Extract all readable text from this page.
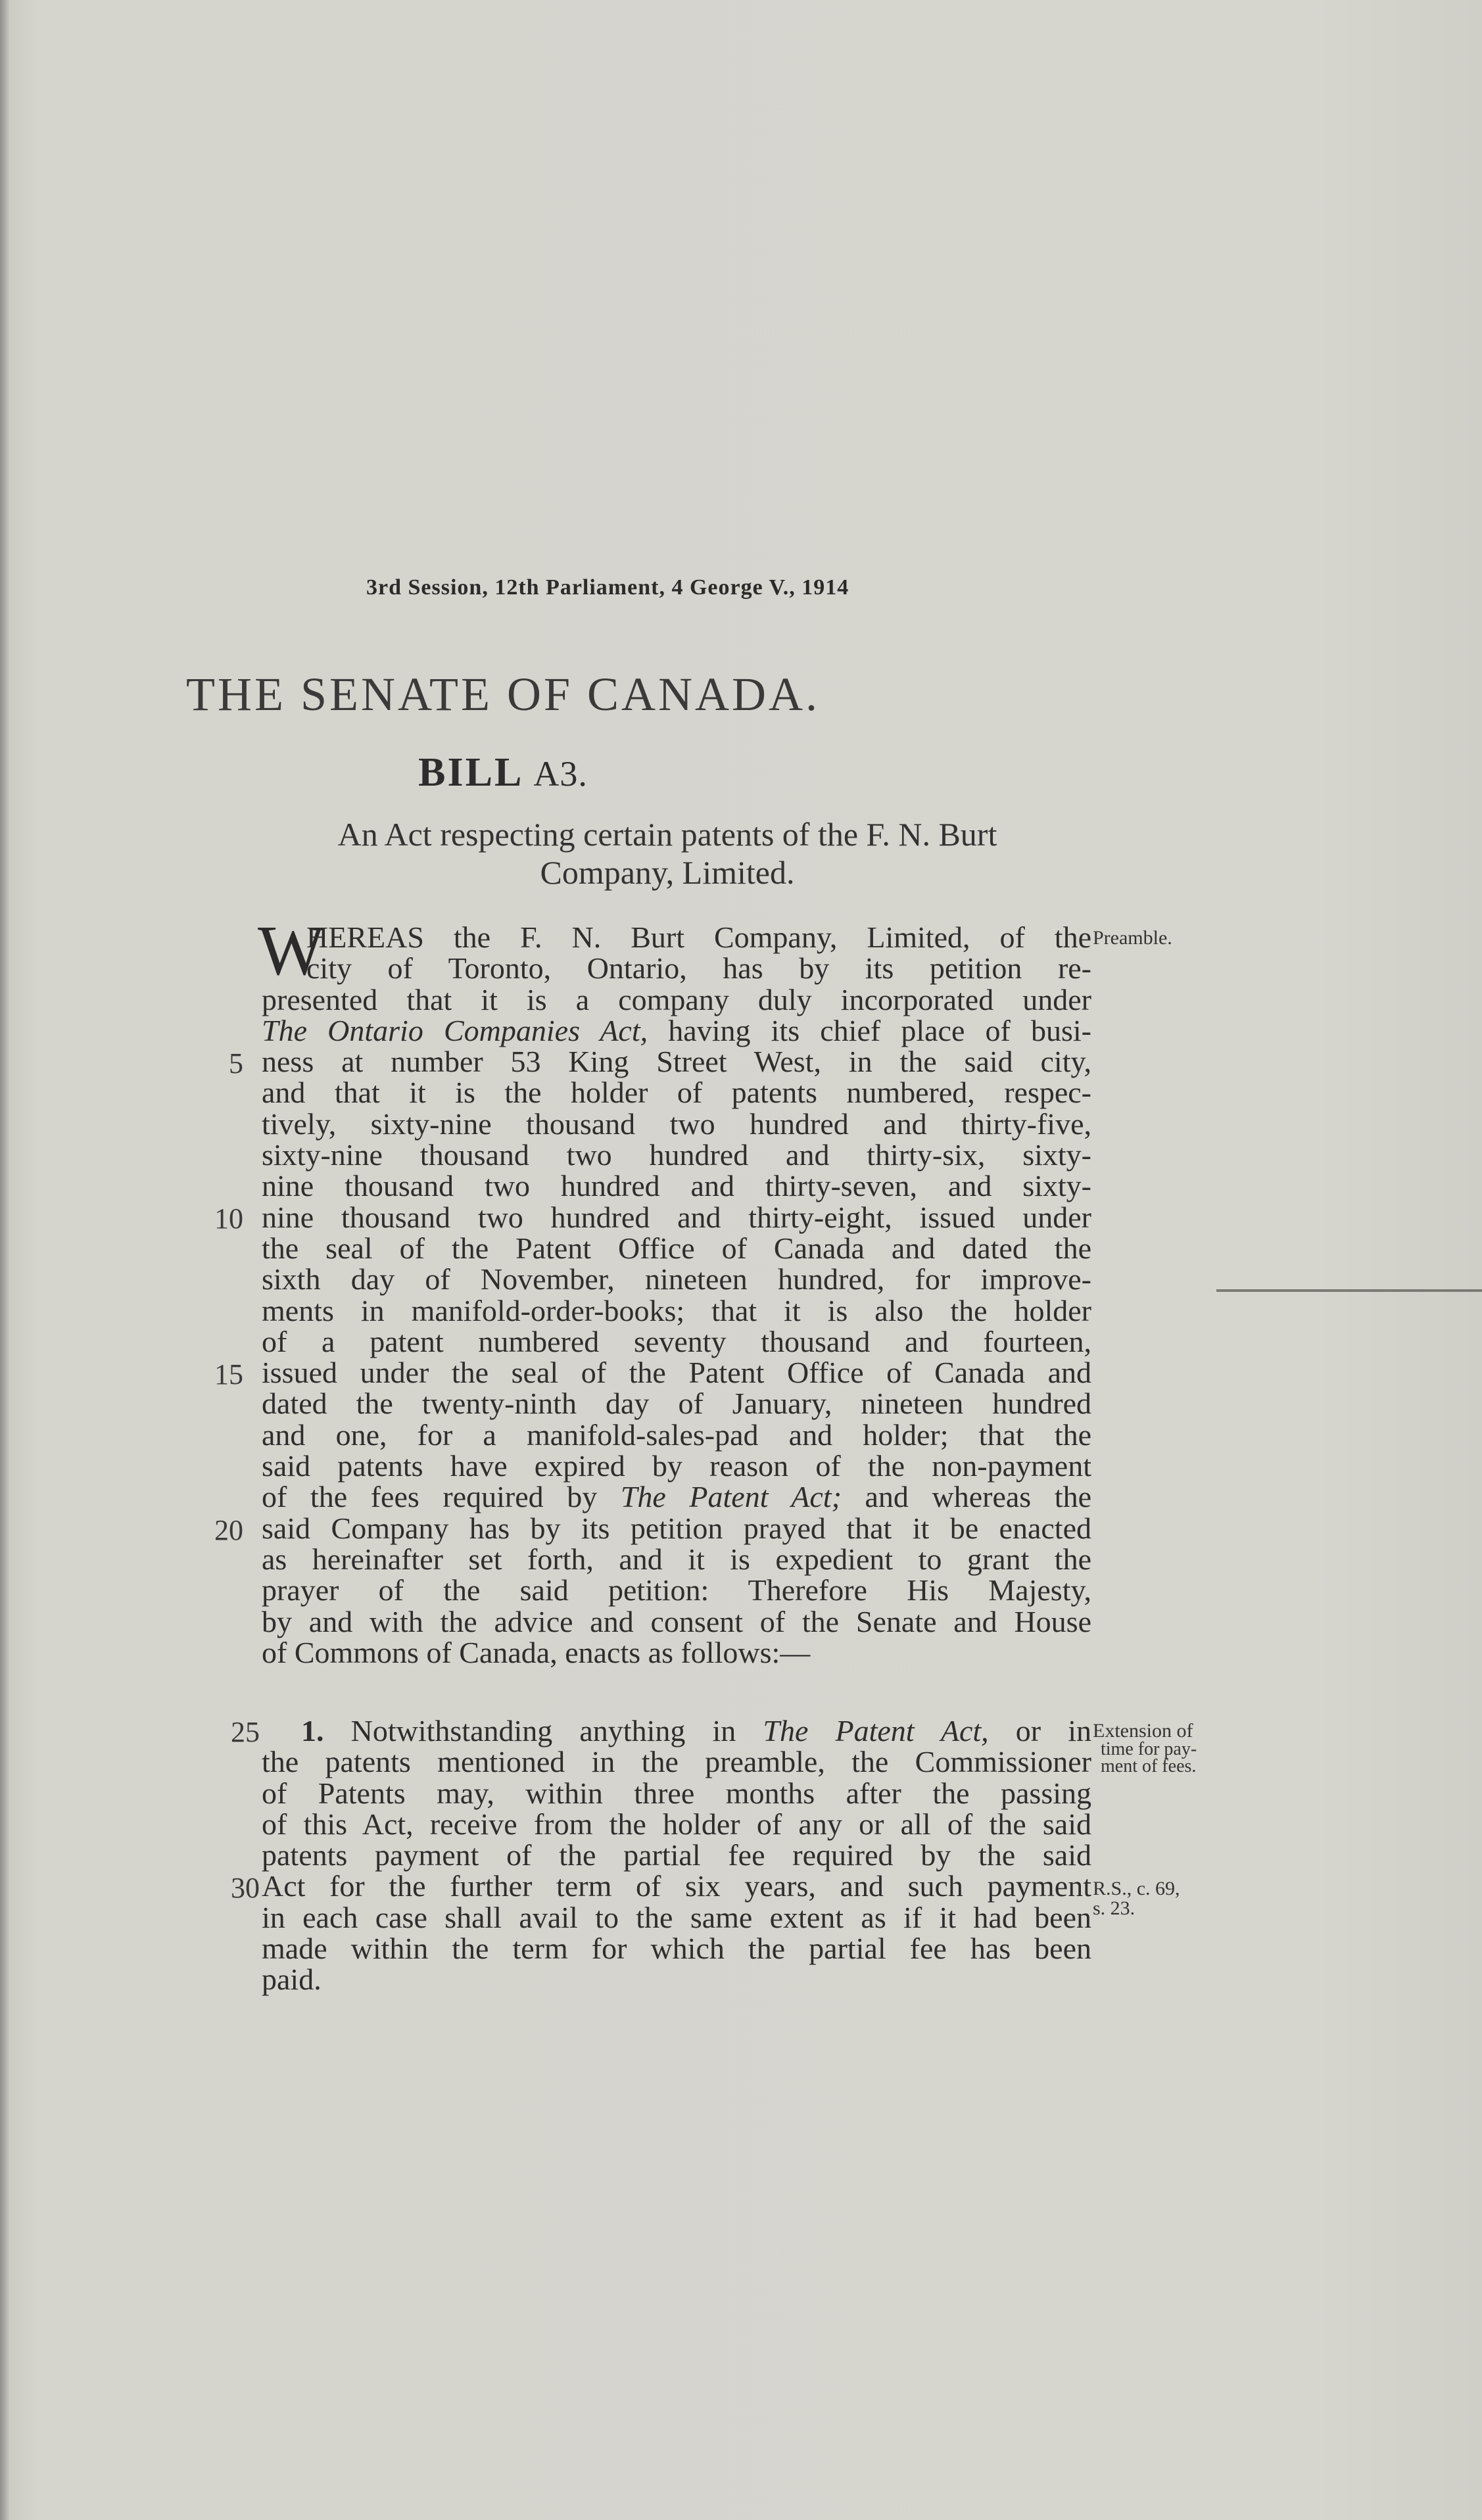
3rd Session, 12th Parliament, 4 George V., 1914
THE SENATE OF CANADA.
BILL A3.
An Act respecting certain patents of the F. N. Burt
Company, Limited.
W
HEREAS the F. N. Burt Company, Limited, of the
city of Toronto, Ontario, has by its petition re-
presented that it is a company duly incorporated under
The Ontario Companies Act, having its chief place of busi-
ness at number 53 King Street West, in the said city,
and that it is the holder of patents numbered, respec-
tively, sixty-nine thousand two hundred and thirty-five,
sixty-nine thousand two hundred and thirty-six, sixty-
nine thousand two hundred and thirty-seven, and sixty-
nine thousand two hundred and thirty-eight, issued under
the seal of the Patent Office of Canada and dated the
sixth day of November, nineteen hundred, for improve-
ments in manifold-order-books; that it is also the holder
of a patent numbered seventy thousand and fourteen,
issued under the seal of the Patent Office of Canada and
dated the twenty-ninth day of January, nineteen hundred
and one, for a manifold-sales-pad and holder; that the
said patents have expired by reason of the non-payment
of the fees required by The Patent Act; and whereas the
said Company has by its petition prayed that it be enacted
as hereinafter set forth, and it is expedient to grant the
prayer of the said petition: Therefore His Majesty,
by and with the advice and consent of the Senate and House
of Commons of Canada, enacts as follows:—
1. Notwithstanding anything in The Patent Act, or in
the patents mentioned in the preamble, the Commissioner
of Patents may, within three months after the passing
of this Act, receive from the holder of any or all of the said
patents payment of the partial fee required by the said
Act for the further term of six years, and such payment
in each case shall avail to the same extent as if it had been
made within the term for which the partial fee has been
paid.
5
10
15
20
25
30
Preamble.
Extension of
time for pay-
ment of fees.
R.S., c. 69,
s. 23.
